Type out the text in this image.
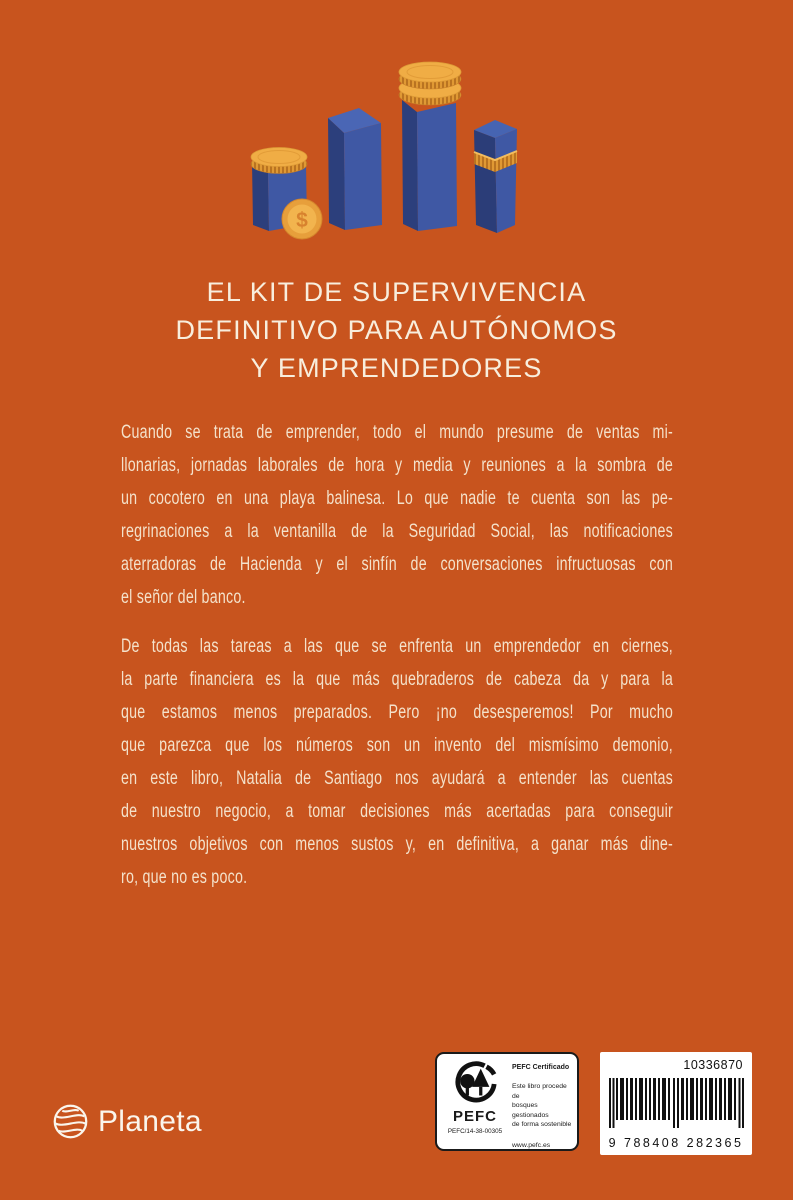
$
EL KIT DE SUPERVIVENCIA
DEFINITIVO PARA AUTÓNOMOS
Y EMPRENDEDORES
Cuando se trata de emprender, todo el mundo presume de ventas mi-
llonarias, jornadas laborales de hora y media y reuniones a la sombra de
un cocotero en una playa balinesa. Lo que nadie te cuenta son las pe-
regrinaciones a la ventanilla de la Seguridad Social, las notificaciones
aterradoras de Hacienda y el sinfín de conversaciones infructuosas con
el señor del banco.
De todas las tareas a las que se enfrenta un emprendedor en ciernes,
la parte financiera es la que más quebraderos de cabeza da y para la
que estamos menos preparados. Pero ¡no desesperemos! Por mucho
que parezca que los números son un invento del mismísimo demonio,
en este libro, Natalia de Santiago nos ayudará a entender las cuentas
de nuestro negocio, a tomar decisiones más acertadas para conseguir
nuestros objetivos con menos sustos y, en definitiva, a ganar más dine-
ro, que no es poco.
Planeta	PEFC
PEFC/14-38-00305
PEFC Certificado
Este libro procede de
bosques gestionados
de forma sostenible
www.pefc.es
10336870
9 788408 282365
